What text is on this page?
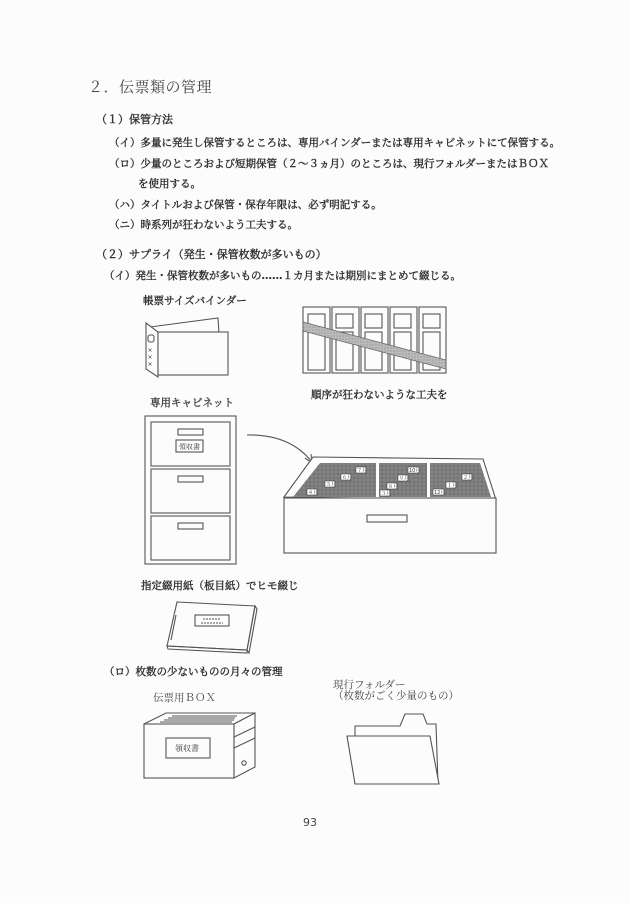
２．伝票類の管理
（１）保管方法
（イ）多量に発生し保管するところは、専用バインダーまたは専用キャビネットにて保管する。
（ロ）少量のところおよび短期保管（２～３ヵ月）のところは、現行フォルダーまたはＢＯＸ
を使用する。
（ハ）タイトルおよび保管・保存年限は、必ず明記する。
（ニ）時系列が狂わないよう工夫する。
（２）サプライ（発生・保管枚数が多いもの）
（イ）発生・保管枚数が多いもの……１カ月または期別にまとめて綴じる。
帳票サイズバインダー
×
×
×
順序が狂わないような工夫を
専用キャビネット
領収書
７月
６月
５月
４月
10月
９月
８月
３月
２月
１月
12月
指定綴用紙（板目紙）でヒモ綴じ
（ロ）枚数の少ないものの月々の管理
伝票用ＢＯＸ
現行フォルダー
（枚数がごく少量のもの）
領収書
93
